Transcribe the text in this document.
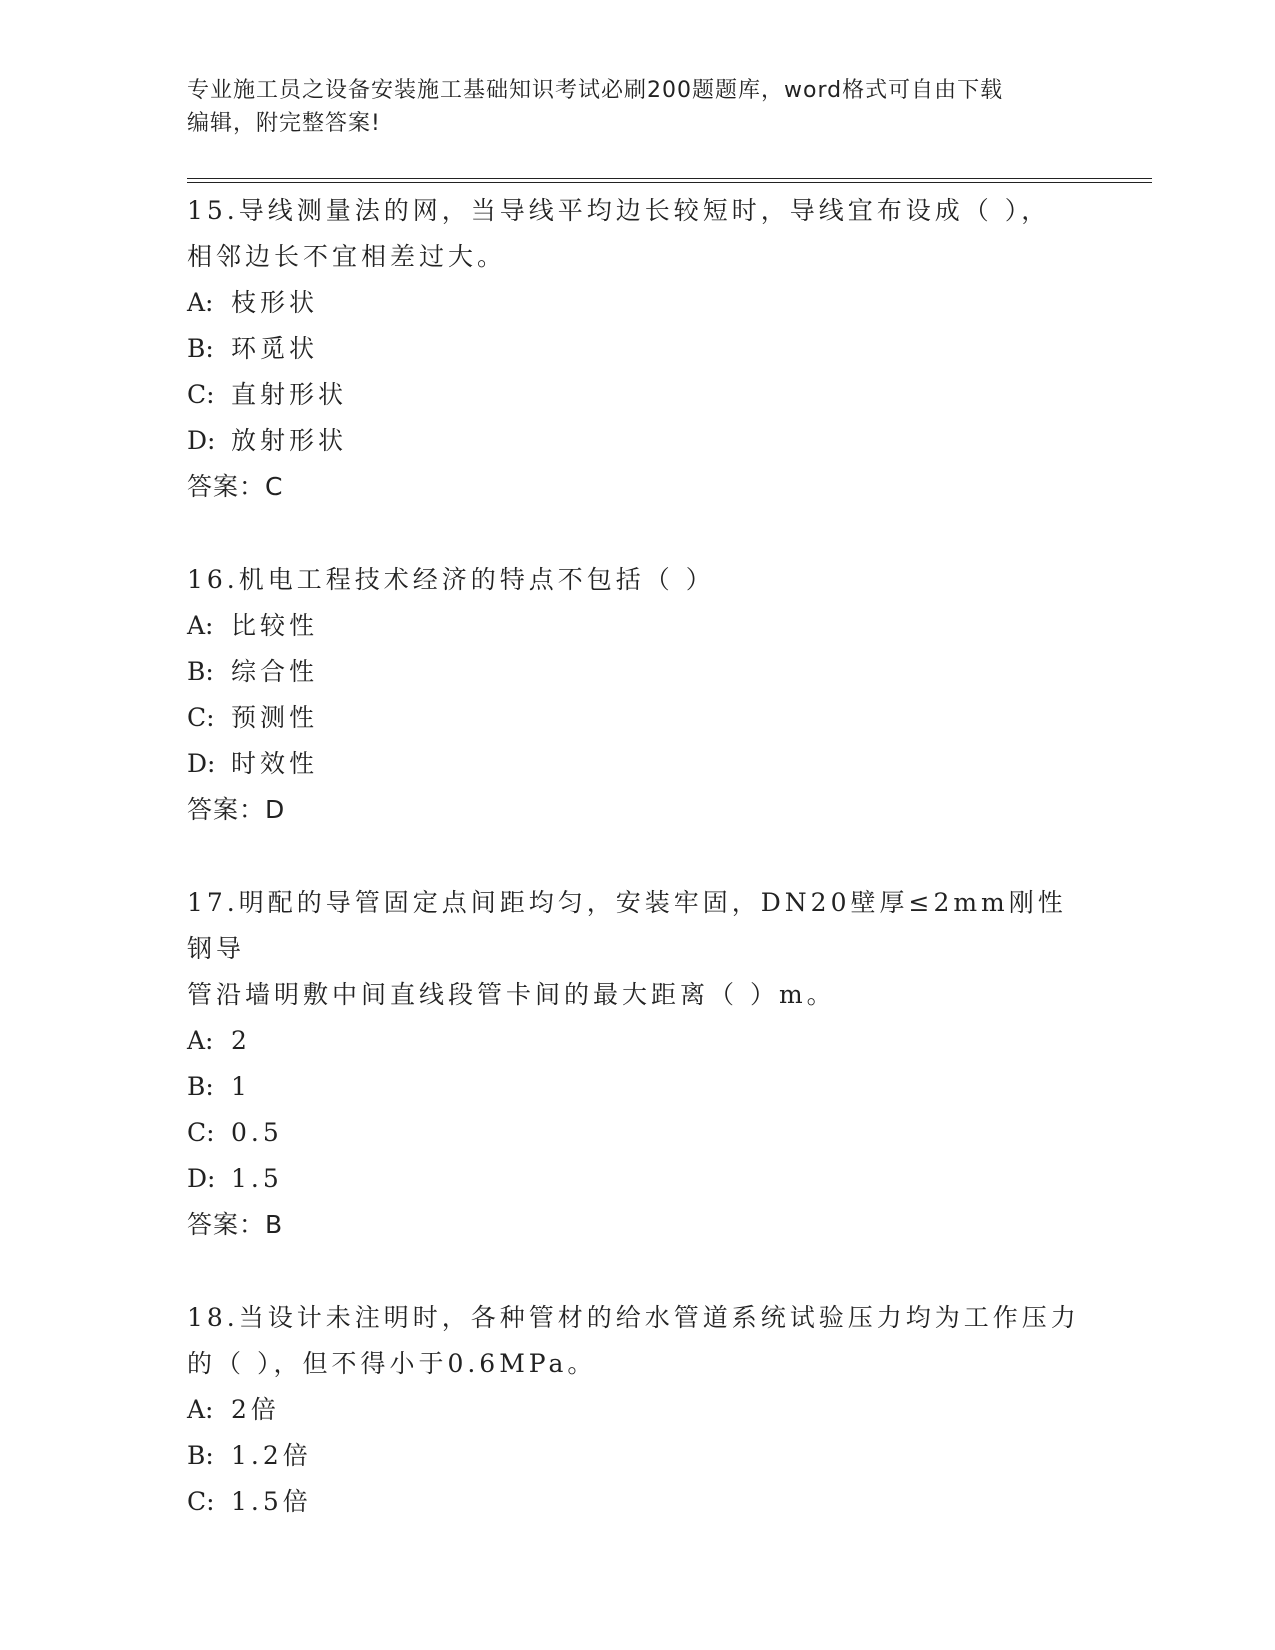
专业施工员之设备安装施工基础知识考试必刷200题题库，word格式可自由下载
编辑，附完整答案!
15.导线测量法的网，当导线平均边长较短时，导线宜布设成（ ），
相邻边长不宜相差过大。
A: 枝形状
B: 环觅状
C: 直射形状
D: 放射形状
答案：C
16.机电工程技术经济的特点不包括（ ）
A: 比较性
B: 综合性
C: 预测性
D: 时效性
答案：D
17.明配的导管固定点间距均匀，安装牢固，DN20壁厚≤2mm刚性钢导
管沿墙明敷中间直线段管卡间的最大距离（ ）m。
A: 2
B: 1
C: 0.5
D: 1.5
答案：B
18.当设计未注明时，各种管材的给水管道系统试验压力均为工作压力
的（ ），但不得小于0.6MPa。
A: 2倍
B: 1.2倍
C: 1.5倍
